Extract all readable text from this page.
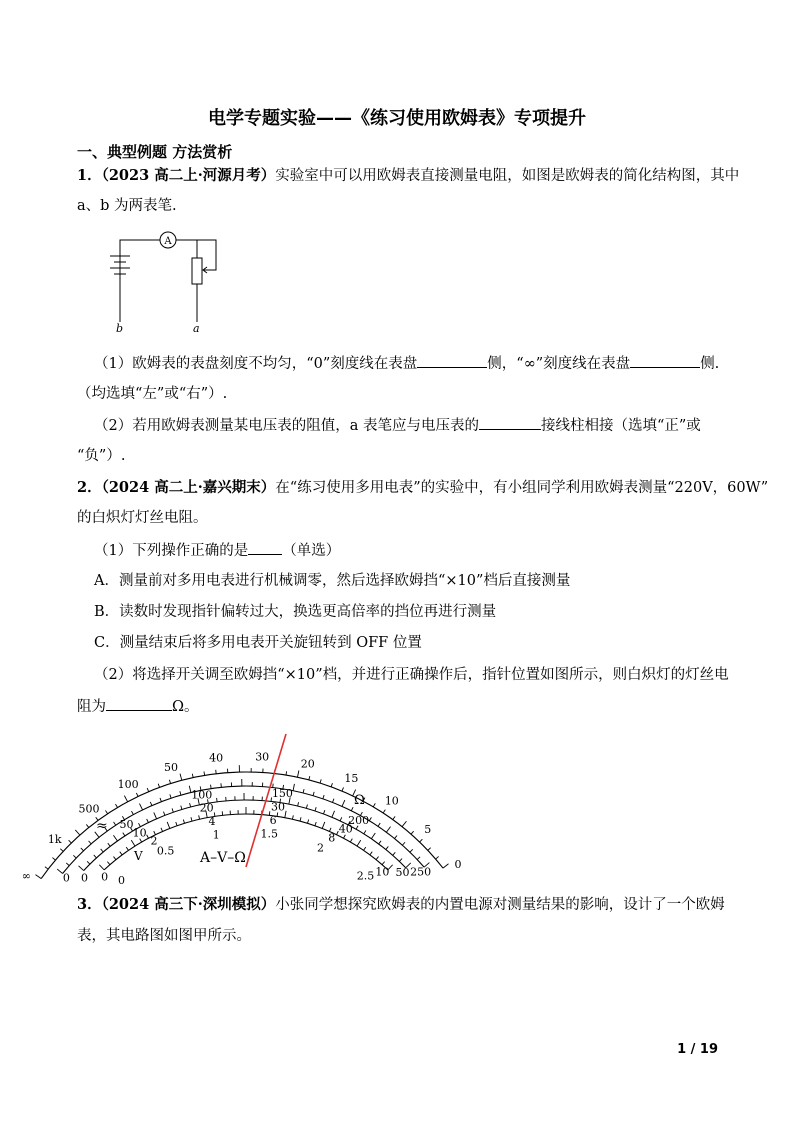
电学专题实验——《练习使用欧姆表》专项提升
一、典型例题 方法赏析
1．（2023 高二上·河源月考）实验室中可以用欧姆表直接测量电阻，如图是欧姆表的简化结构图，其中
a、b 为两表笔.
A
b	a
（1）欧姆表的表盘刻度不均匀，“0”刻度线在表盘	侧，“∞”刻度线在表盘	侧.
（均选填“左”或“右”）.
（2）若用欧姆表测量某电压表的阻值，a 表笔应与电压表的	接线柱相接（选填“正”或
“负”）.
2．（2024 高二上·嘉兴期末）在“练习使用多用电表”的实验中，有小组同学利用欧姆表测量“220V，60W”
的白炽灯灯丝电阻。
（1）下列操作正确的是 （单选）
A．测量前对多用电表进行机械调零，然后选择欧姆挡“×10”档后直接测量
B．读数时发现指针偏转过大，换选更高倍率的挡位再进行测量
C．测量结束后将多用电表开关旋钮转到 OFF 位置
（2）将选择开关调至欧姆挡“×10”档，并进行正确操作后，指针位置如图所示，则白炽灯的灯丝电
阻为	Ω。
∞
1k
500
100
50
40	30
20
15
10
5
0
0
50
100	150
200
250
0
10
20	30
40
50
0
2
4	6
8
10
0
0.5
1	1.5
2
2.5
Ω
≈
V	A–V–Ω
3．（2024 高三下·深圳模拟）小张同学想探究欧姆表的内置电源对测量结果的影响，设计了一个欧姆
表，其电路图如图甲所示。
1 / 19
